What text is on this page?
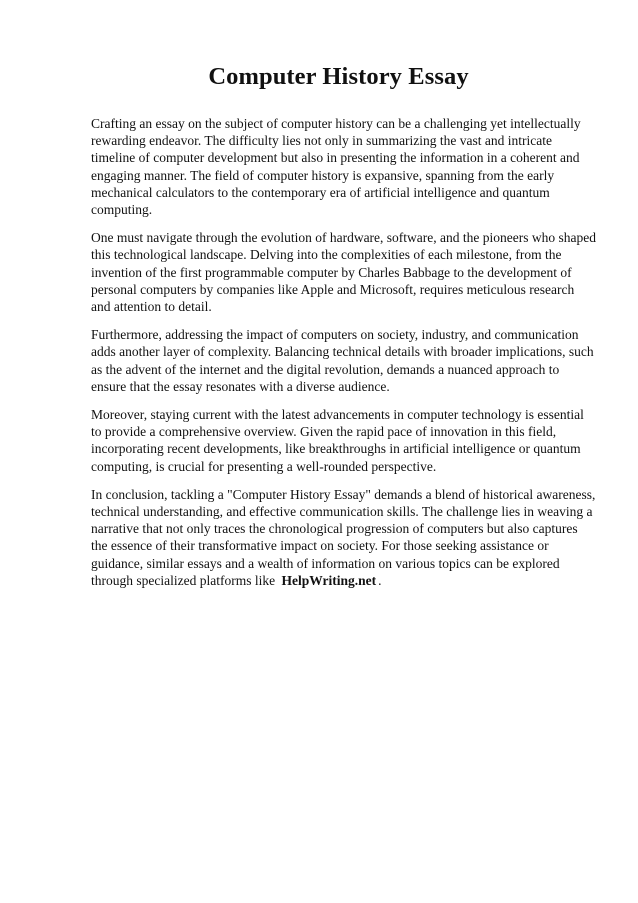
Computer History Essay

Crafting an essay on the subject of computer history can be a challenging yet intellectually rewarding endeavor. The difficulty lies not only in summarizing the vast and intricate timeline of computer development but also in presenting the information in a coherent and engaging manner. The field of computer history is expansive, spanning from the early mechanical calculators to the contemporary era of artificial intelligence and quantum computing.

One must navigate through the evolution of hardware, software, and the pioneers who shaped this technological landscape. Delving into the complexities of each milestone, from the invention of the first programmable computer by Charles Babbage to the development of personal computers by companies like Apple and Microsoft, requires meticulous research and attention to detail.

Furthermore, addressing the impact of computers on society, industry, and communication adds another layer of complexity. Balancing technical details with broader implications, such as the advent of the internet and the digital revolution, demands a nuanced approach to ensure that the essay resonates with a diverse audience.

Moreover, staying current with the latest advancements in computer technology is essential to provide a comprehensive overview. Given the rapid pace of innovation in this field, incorporating recent developments, like breakthroughs in artificial intelligence or quantum computing, is crucial for presenting a well-rounded perspective.

In conclusion, tackling a "Computer History Essay" demands a blend of historical awareness, technical understanding, and effective communication skills. The challenge lies in weaving a narrative that not only traces the chronological progression of computers but also captures the essence of their transformative impact on society. For those seeking assistance or guidance, similar essays and a wealth of information on various topics can be explored through specialized platforms like HelpWriting.net .
